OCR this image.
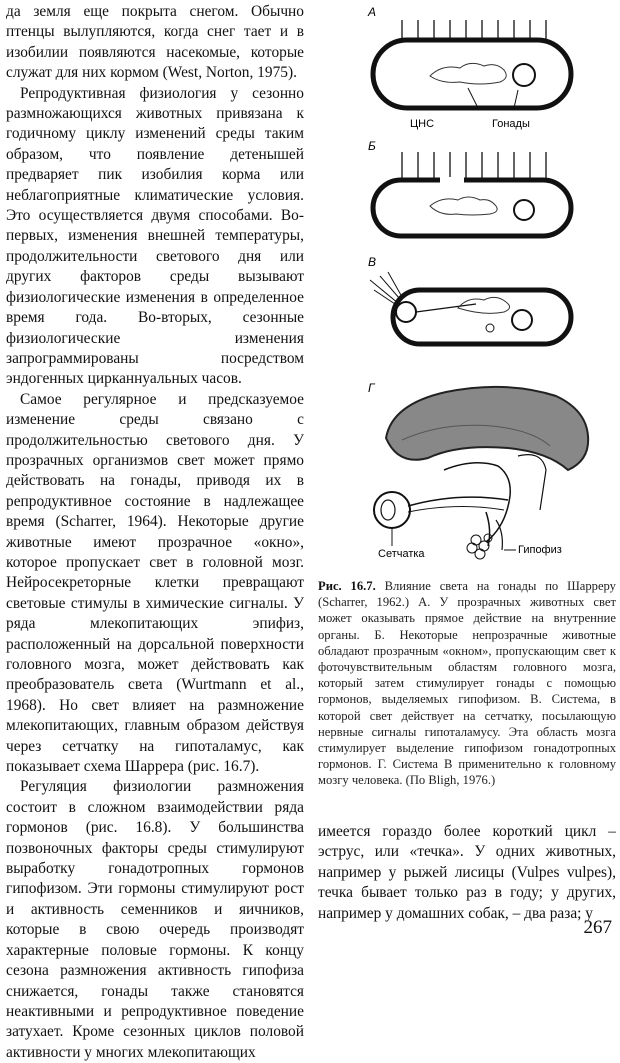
да земля еще покрыта снегом. Обычно птенцы вылупляются, когда снег тает и в изобилии появляются насекомые, которые служат для них кормом (West, Norton, 1975).

Репродуктивная физиология у сезонно размножающихся животных привязана к годичному циклу изменений среды таким образом, что появление детенышей предваряет пик изобилия корма или неблагоприятные климатические условия. Это осуществляется двумя способами. Во-первых, изменения внешней температуры, продолжительности светового дня или других факторов среды вызывают физиологические изменения в определенное время года. Во-вторых, сезонные физиологические изменения запрограммированы посредством эндогенных цирканнуальных часов.

Самое регулярное и предсказуемое изменение среды связано с продолжительностью светового дня. У прозрачных организмов свет может прямо действовать на гонады, приводя их в репродуктивное состояние в надлежащее время (Scharrer, 1964). Некоторые другие животные имеют прозрачное «окно», которое пропускает свет в головной мозг. Нейросекреторные клетки превращают световые стимулы в химические сигналы. У ряда млекопитающих эпифиз, расположенный на дорсальной поверхности головного мозга, может действовать как преобразователь света (Wurtmann et al., 1968). Но свет влияет на размножение млекопитающих, главным образом действуя через сетчатку на гипоталамус, как показывает схема Шаррера (рис. 16.7).

Регуляция физиологии размножения состоит в сложном взаимодействии ряда гормонов (рис. 16.8). У большинства позвоночных факторы среды стимулируют выработку гонадотропных гормонов гипофизом. Эти гормоны стимулируют рост и активность семенников и яичников, которые в свою очередь производят характерные половые гормоны. К концу сезона размножения активность гипофиза снижается, гонады также становятся неактивными и репродуктивное поведение затухает. Кроме сезонных циклов половой активности у многих млекопитающих

А
ЦНС	Гонады
Б
В
Г
Сетчатка	Гипофиз
Рис. 16.7. Влияние света на гонады по Шарреру (Scharrer, 1962.) А. У прозрачных животных свет может оказывать прямое действие на внутренние органы. Б. Некоторые непрозрачные животные обладают прозрачным «окном», пропускающим свет к фоточувствительным областям головного мозга, который затем стимулирует гонады с помощью гормонов, выделяемых гипофизом. В. Система, в которой свет действует на сетчатку, посылающую нервные сигналы гипоталамусу. Эта область мозга стимулирует выделение гипофизом гонадотропных гормонов. Г. Система В применительно к головному мозгу человека. (По Bligh, 1976.)
имеется гораздо более короткий цикл – эструс, или «течка». У одних животных, например у рыжей лисицы (Vulpes vulpes), течка бывает только раз в году; у других, например у домашних собак, – два раза; у
267
